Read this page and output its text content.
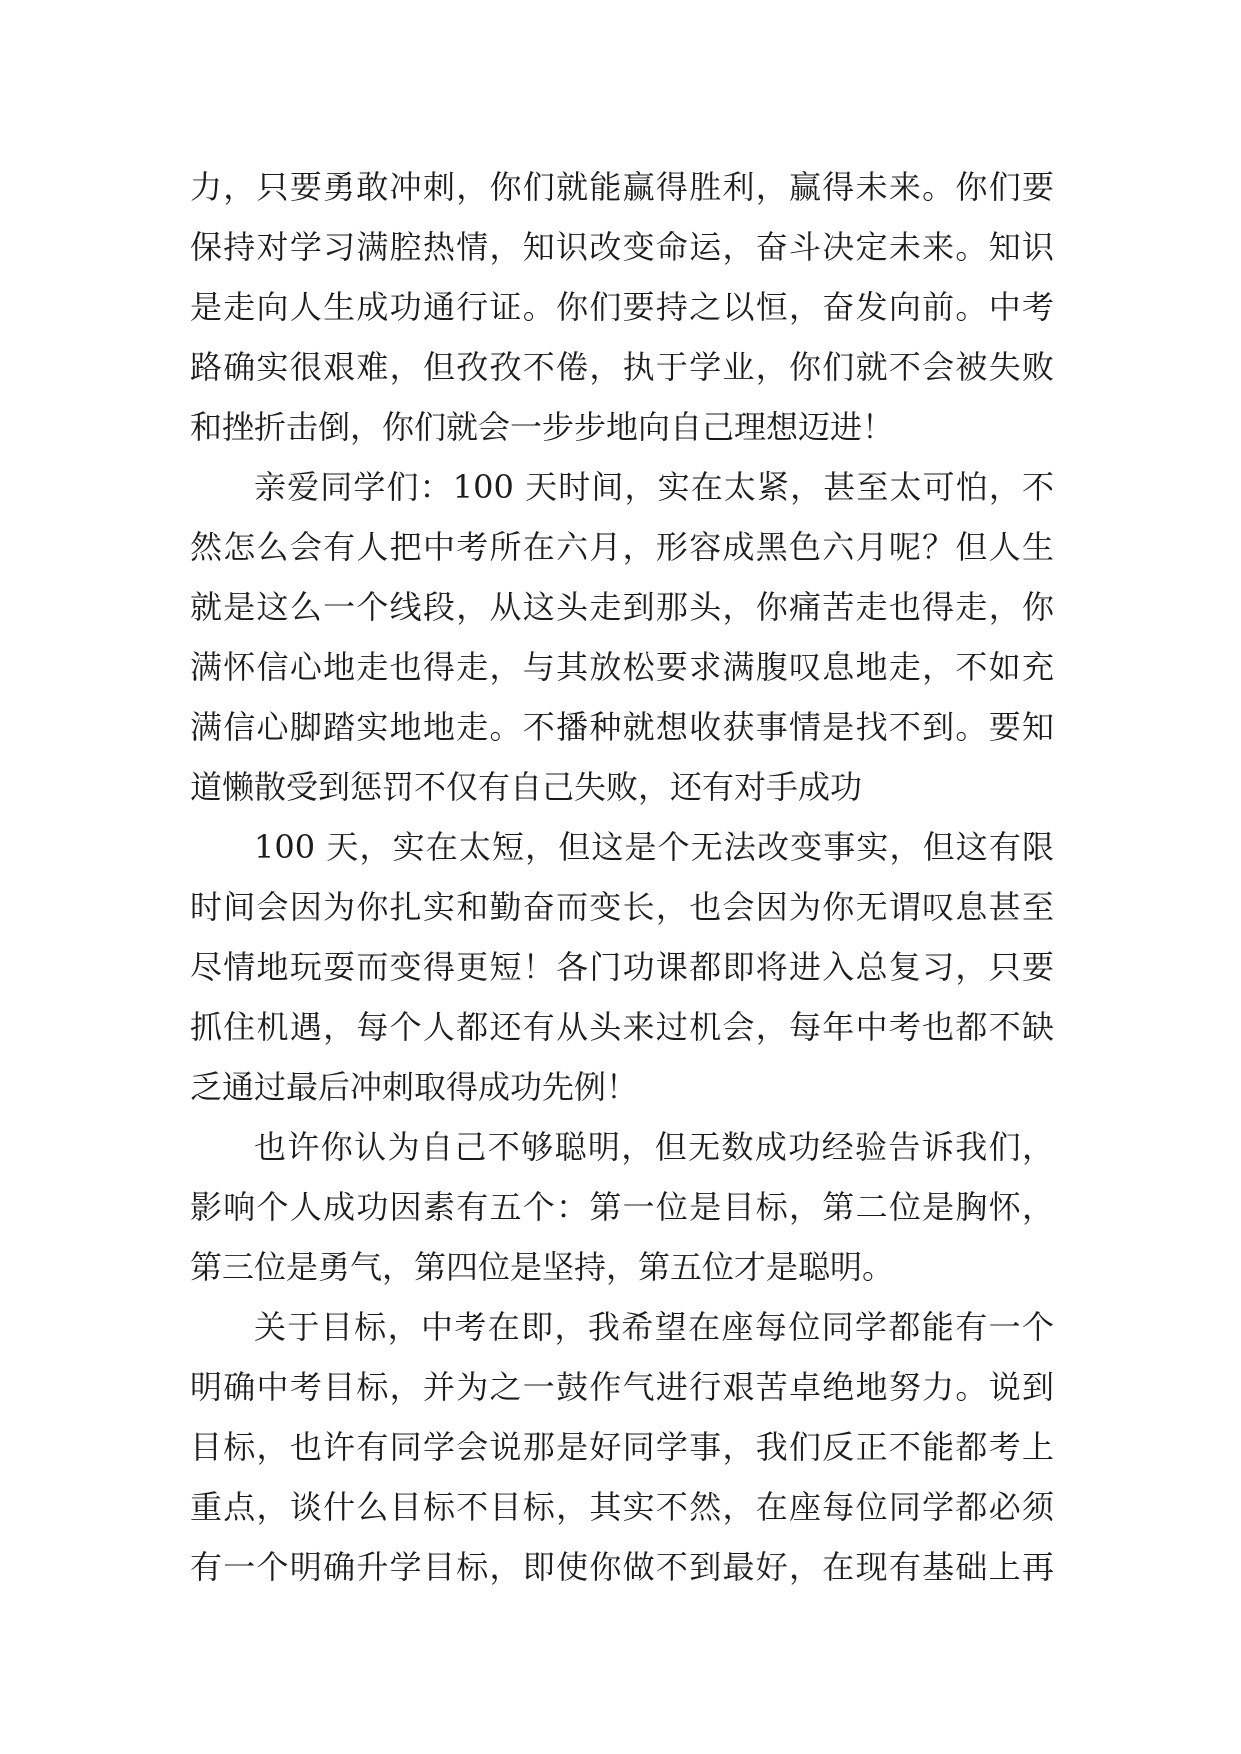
力，只要勇敢冲刺，你们就能赢得胜利，赢得未来。你们要
保持对学习满腔热情，知识改变命运，奋斗决定未来。知识
是走向人生成功通行证。你们要持之以恒，奋发向前。中考
路确实很艰难，但孜孜不倦，执于学业，你们就不会被失败
和挫折击倒，你们就会一步步地向自己理想迈进！
亲爱同学们：100 天时间，实在太紧，甚至太可怕，不
然怎么会有人把中考所在六月，形容成黑色六月呢？但人生
就是这么一个线段，从这头走到那头，你痛苦走也得走，你
满怀信心地走也得走，与其放松要求满腹叹息地走，不如充
满信心脚踏实地地走。不播种就想收获事情是找不到。要知
道懒散受到惩罚不仅有自己失败，还有对手成功
100 天，实在太短，但这是个无法改变事实，但这有限
时间会因为你扎实和勤奋而变长，也会因为你无谓叹息甚至
尽情地玩耍而变得更短！各门功课都即将进入总复习，只要
抓住机遇，每个人都还有从头来过机会，每年中考也都不缺
乏通过最后冲刺取得成功先例！
也许你认为自己不够聪明，但无数成功经验告诉我们，
影响个人成功因素有五个：第一位是目标，第二位是胸怀，
第三位是勇气，第四位是坚持，第五位才是聪明。
关于目标，中考在即，我希望在座每位同学都能有一个
明确中考目标，并为之一鼓作气进行艰苦卓绝地努力。说到
目标，也许有同学会说那是好同学事，我们反正不能都考上
重点，谈什么目标不目标，其实不然，在座每位同学都必须
有一个明确升学目标，即使你做不到最好，在现有基础上再
